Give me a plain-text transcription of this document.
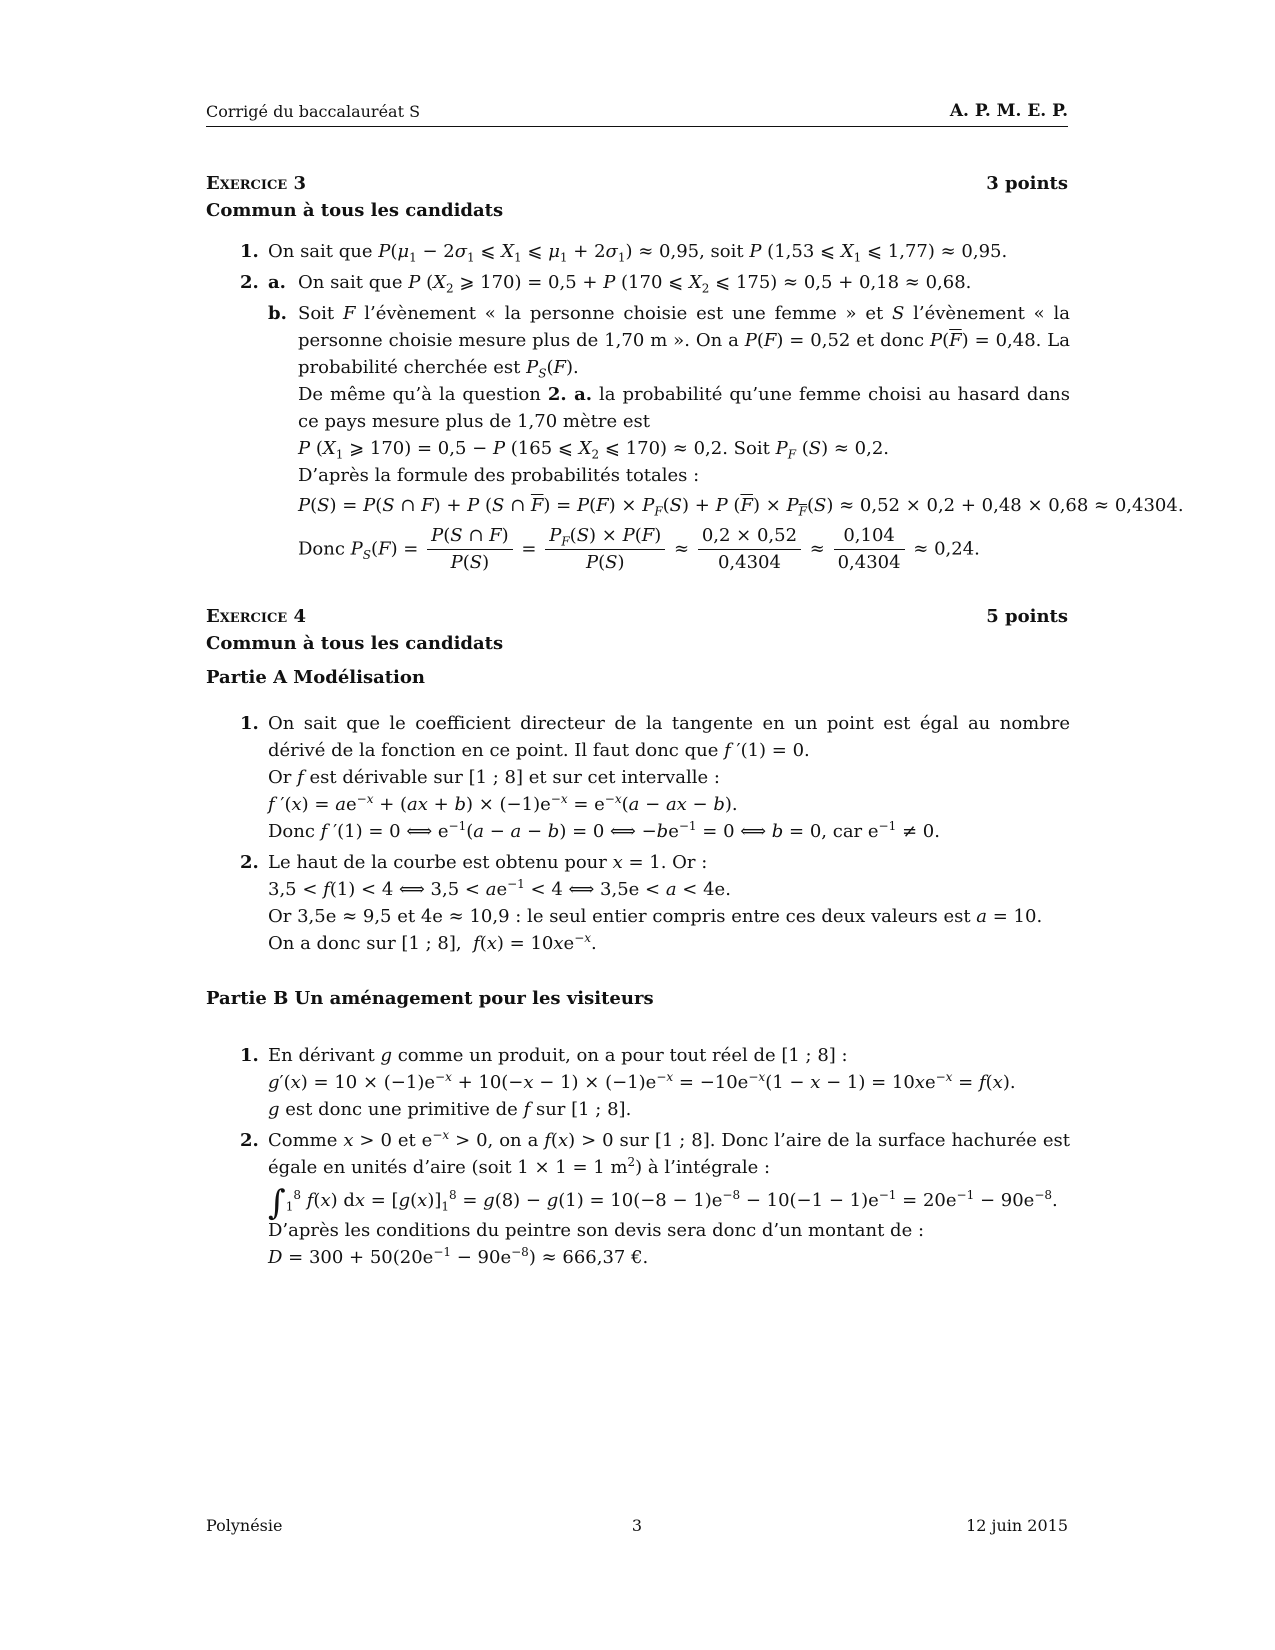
Corrigé du baccalauréat S	A. P. M. E. P.
Exercice 3	3 points
Commun à tous les candidats
1. On sait que $P(\mu_1 - 2\sigma_1$ ⩽ $X_1$ ⩽ $\mu_1 + 2\sigma_1) \approx 0,95$, soit P (1,53 ⩽ $X_1$ ⩽ 1,77) ≈ 0,95.
2. a. On sait que P ($X_2$ ⩾ 170) = 0,5 + P (170 ⩽ $X_2$ ⩽ 175) ≈ 0,5 + 0,18 ≈ 0,68.
b. Soit F l’évènement « la personne choisie est une femme » et S l’évènement « la personne choisie mesure plus de 1,70 m ». On a P(F) = 0,52 et donc $P(\overline{F}) = 0,48$. La probabilité cherchée est $P_S(F)$.
De même qu’à la question 2. a. la probabilité qu’une femme choisi au hasard dans ce pays mesure plus de 1,70 mètre est
P ($X_1$ ⩾ 170) = 0,5 − P (165 ⩽ $X_2$ ⩽ 170) ≈ 0,2. Soit $P_F$ (S) ≈ 0,2.
D’après la formule des probabilités totales :
P(S) = P(S ∩ F) + P (S ∩ $\overline{F}) = P(F) \times P_F(S) + P$ $(\overline{F}) \times P_{\overline{F}}(S) \approx 0,52 \times 0,2 + 0,48 \times 0,68 \approx 0,4304$.
Donc $P_S(F) = \frac{P(S \cap F)}{P(S)} = \frac{P_F(S) \times P(F)}{P(S)} \approx \frac{0,2 \times 0,52}{0,4304} \approx \frac{0,104}{0,4304} \approx 0,24$.
Exercice 4	5 points
Commun à tous les candidats
Partie A Modélisation
1. On sait que le coefficient directeur de la tangente en un point est égal au nombre dérivé de la fonction en ce point. Il faut donc que f ′(1) = 0.
Or f est dérivable sur [1 ; 8] et sur cet intervalle :
f $'(x) = ae^{-x} + (ax + b) \times (-1)e^{-x} = e^{-x}(a$ − ax − b).
Donc f ′(1) = 0 ⟺ $e^{-1}(a - a - b) = 0$ ⟺ $-be^{-1} = 0$ ⟺ b = 0, car $e^{-1} \ne 0$.
2. Le haut de la courbe est obtenu pour x = 1. Or :
3,5 < f(1) < 4 ⟺ $3,5 < ae^{-1} < 4$ ⟺ 3,5e < a < 4e.
Or 3,5e ≈ 9,5 et 4e ≈ 10,9 : le seul entier compris entre ces deux valeurs est a = 10.
On a donc sur [1 ; 8],  $f(x) = 10xe^{-x}$.
Partie B Un aménagement pour les visiteurs
1. En dérivant g comme un produit, on a pour tout réel de [1 ; 8] :
$g'(x) = 10 \times (-1)e^{-x} + 10(-x - 1) \times (-1)e^{-x} = -10e^{-x}(1 - x - 1) = 10xe^{-x} = f(x)$.
g est donc une primitive de f sur [1 ; 8].
2. Comme x > 0 et $e^{-x} > 0$, on a f(x) > 0 sur [1 ; 8]. Donc l’aire de la surface hachurée est égale en unités d’aire (soit 1 × 1 = 1 $m^2$) à l’intégrale :
$\int_1^8$ f(x) dx = $[g(x)]_1^8 = g(8) - g(1) = 10(-8 - 1)e^{-8} - 10(-1 - 1)e^{-1} = 20e^{-1} - 90e^{-8}$.
D’après les conditions du peintre son devis sera donc d’un montant de :
$D = 300 + 50(20e^{-1} - 90e^{-8}) \approx 666,37$ €.
Polynésie	3	12 juin 2015
